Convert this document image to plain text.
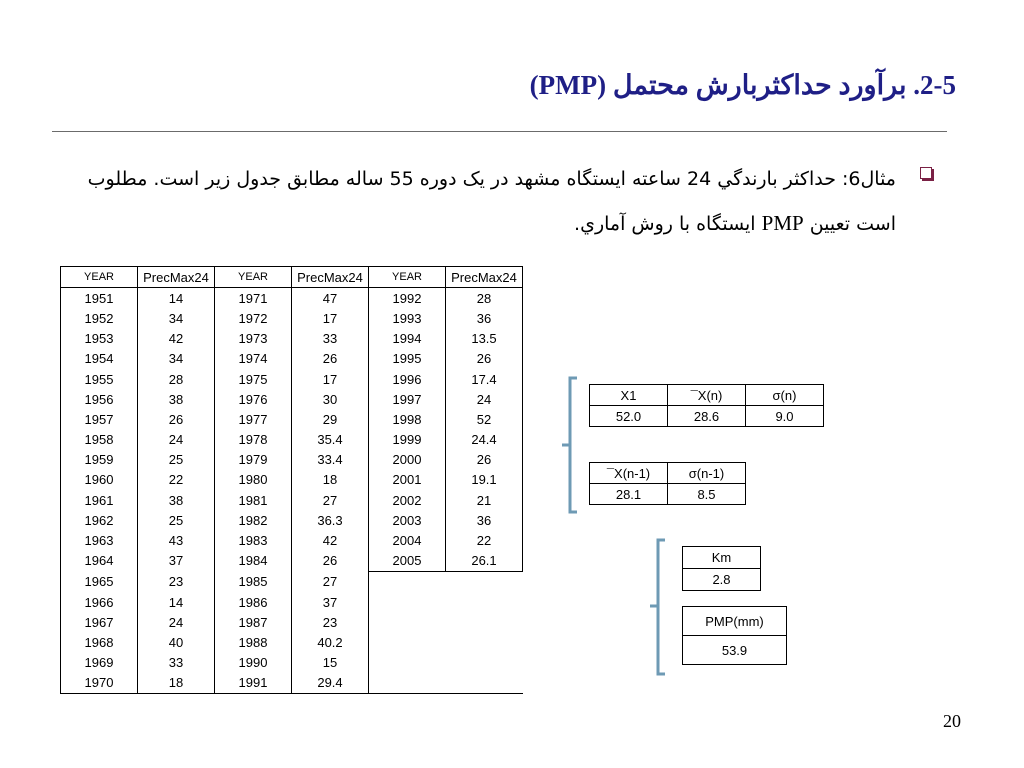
2-5. برآورد حداکثربارش محتمل (PMP)

مثال6: حداکثر بارندگي 24 ساعته ايستگاه مشهد در یک دوره 55 ساله مطابق جدول زیر است. مطلوب
است تعیین PMP ايستگاه با روش آماري.

YEAR	PrecMax24	YEAR	PrecMax24	YEAR	PrecMax24
1951	14	1971	47	1992	28
1952	34	1972	17	1993	36
1953	42	1973	33	1994	13.5
1954	34	1974	26	1995	26
1955	28	1975	17	1996	17.4
1956	38	1976	30	1997	24
1957	26	1977	29	1998	52
1958	24	1978	35.4	1999	24.4
1959	25	1979	33.4	2000	26
1960	22	1980	18	2001	19.1
1961	38	1981	27	2002	21
1962	25	1982	36.3	2003	36
1963	43	1983	42	2004	22
1964	37	1984	26	2005	26.1
1965	23	1985	27		
1966	14	1986	37		
1967	24	1987	23		
1968	40	1988	40.2		
1969	33	1990	15		
1970	18	1991	29.4		
X1	¯X(n)	σ(n)
52.0	28.6	9.0
¯X(n-1)	σ(n-1)
28.1	8.5
Km
2.8
PMP(mm)
53.9
20
